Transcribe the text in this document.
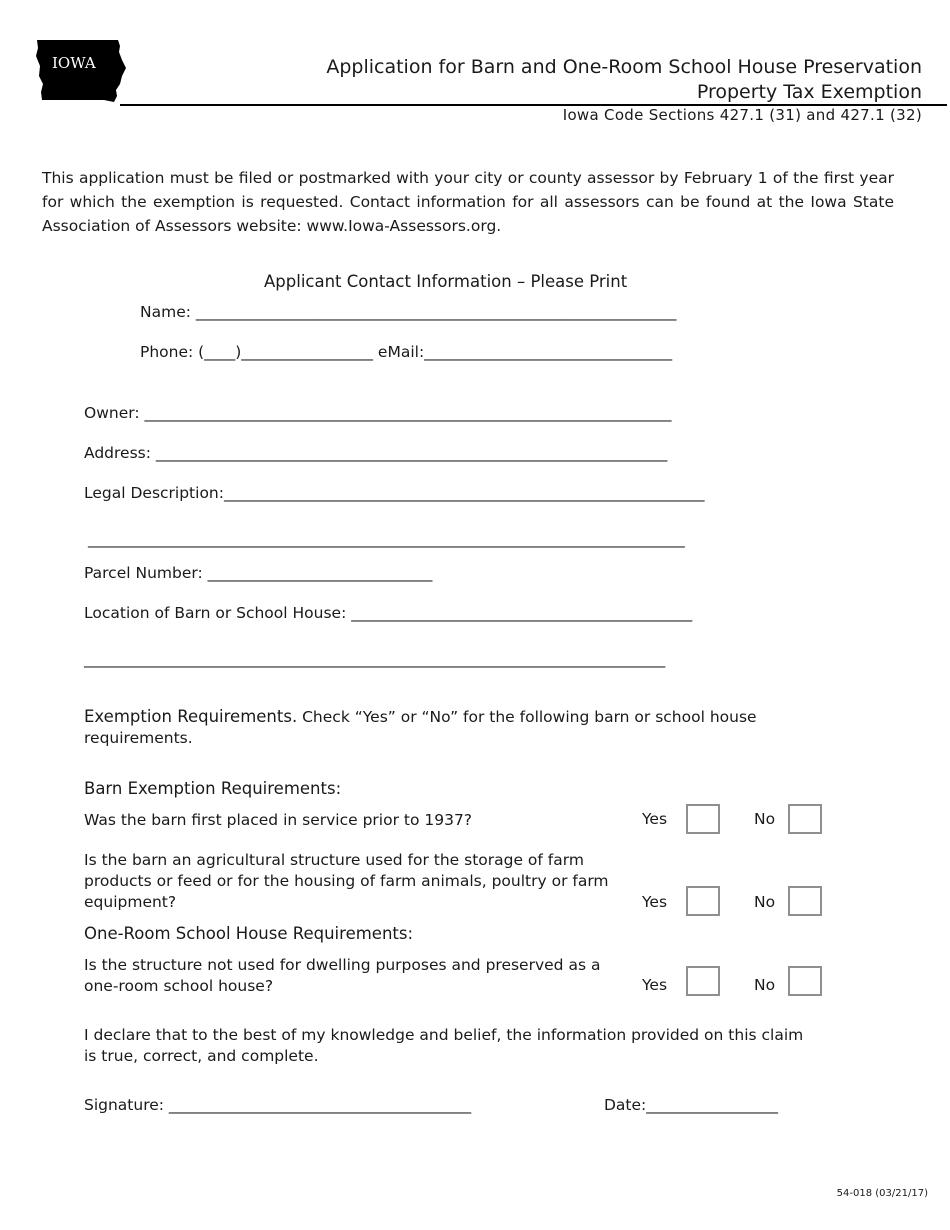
IOWA	Application for Barn and One-Room School House Preservation
Property Tax Exemption
Iowa Code Sections 427.1 (31) and 427.1 (32)
This application must be filed or postmarked with your city or county assessor by February 1 of the first year for which the exemption is requested. Contact information for all assessors can be found at the Iowa State Association of Assessors website: www.Iowa-Assessors.org.
Applicant Contact Information – Please Print
Name: ______________________________________________________________
Phone: (____)_________________ eMail:________________________________
Owner: ____________________________________________________________________
Address: __________________________________________________________________
Legal Description:______________________________________________________________
_____________________________________________________________________________
Parcel Number: _____________________________
Location of Barn or School House: ____________________________________________
___________________________________________________________________________
Exemption Requirements. Check “Yes” or “No” for the following barn or school house requirements.
Barn Exemption Requirements:
Was the barn first placed in service prior to 1937?	Yes	No
Is the barn an agricultural structure used for the storage of farm products or feed or for the housing of farm animals, poultry or farm equipment?	Yes	No
One-Room School House Requirements:
Is the structure not used for dwelling purposes and preserved as a one-room school house?	Yes	No
I declare that to the best of my knowledge and belief, the information provided on this claim is true, correct, and complete.
Signature: _______________________________________	Date:_________________
54-018 (03/21/17)
